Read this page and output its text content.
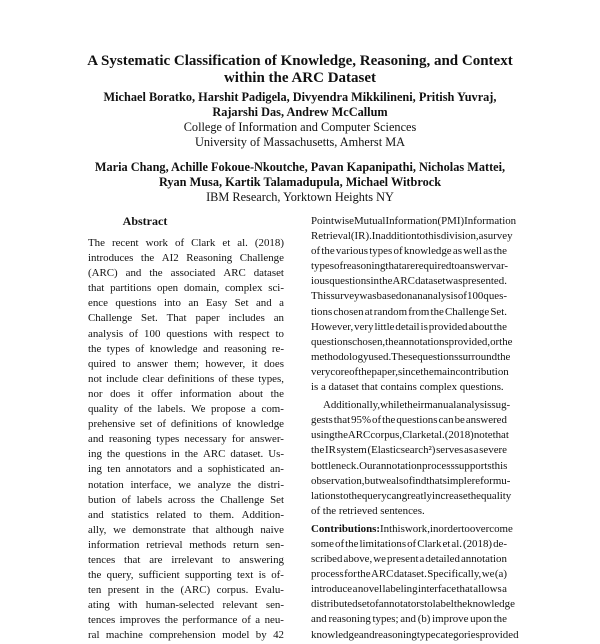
A Systematic Classification of Knowledge, Reasoning, and Context
within the ARC Dataset
Michael Boratko, Harshit Padigela, Divyendra Mikkilineni, Pritish Yuvraj,
Rajarshi Das, Andrew McCallum
College of Information and Computer Sciences
University of Massachusetts, Amherst MA
Maria Chang, Achille Fokoue-Nkoutche, Pavan Kapanipathi, Nicholas Mattei,
Ryan Musa, Kartik Talamadupula, Michael Witbrock
IBM Research, Yorktown Heights NY
Abstract
The recent work of Clark et al. (2018)
introduces the AI2 Reasoning Challenge
(ARC) and the associated ARC dataset
that partitions open domain, complex sci-
ence questions into an Easy Set and a
Challenge Set. That paper includes an
analysis of 100 questions with respect to
the types of knowledge and reasoning re-
quired to answer them; however, it does
not include clear definitions of these types,
nor does it offer information about the
quality of the labels. We propose a com-
prehensive set of definitions of knowledge
and reasoning types necessary for answer-
ing the questions in the ARC dataset. Us-
ing ten annotators and a sophisticated an-
notation interface, we analyze the distri-
bution of labels across the Challenge Set
and statistics related to them. Addition-
ally, we demonstrate that although naive
information retrieval methods return sen-
tences that are irrelevant to answering
the query, sufficient supporting text is of-
ten present in the (ARC) corpus. Evalu-
ating with human-selected relevant sen-
tences improves the performance of a neu-
ral machine comprehension model by 42
Pointwise Mutual Information (PMI) Information
Retrieval (IR). In addition to this division, a survey
of the various types of knowledge as well as the
types of reasoning that are required to answer var-
ious questions in the ARC dataset was presented.
This survey was based on an analysis of 100 ques-
tions chosen at random from the Challenge Set.
However, very little detail is provided about the
questions chosen, the annotations provided, or the
methodology used. These questions surround the
very core of the paper, since the main contribution
is a dataset that contains complex questions.
Additionally, while their manual analysis sug-
gests that 95% of the questions can be answered
using the ARC corpus, Clark et al. (2018) note that
the IR system (Elasticsearch²) serves as a severe
bottleneck. Our annotation process supports this
observation, but we also find that simple reformu-
lations to the query can greatly increase the quality
of the retrieved sentences.
Contributions: In this work, in order to overcome
some of the limitations of Clark et al. (2018) de-
scribed above, we present a detailed annotation
process for the ARC dataset. Specifically, we (a)
introduce a novel labeling interface that allows a
distributed set of annotators to label the knowledge
and reasoning types; and (b) improve upon the
knowledge and reasoning type categories provided
